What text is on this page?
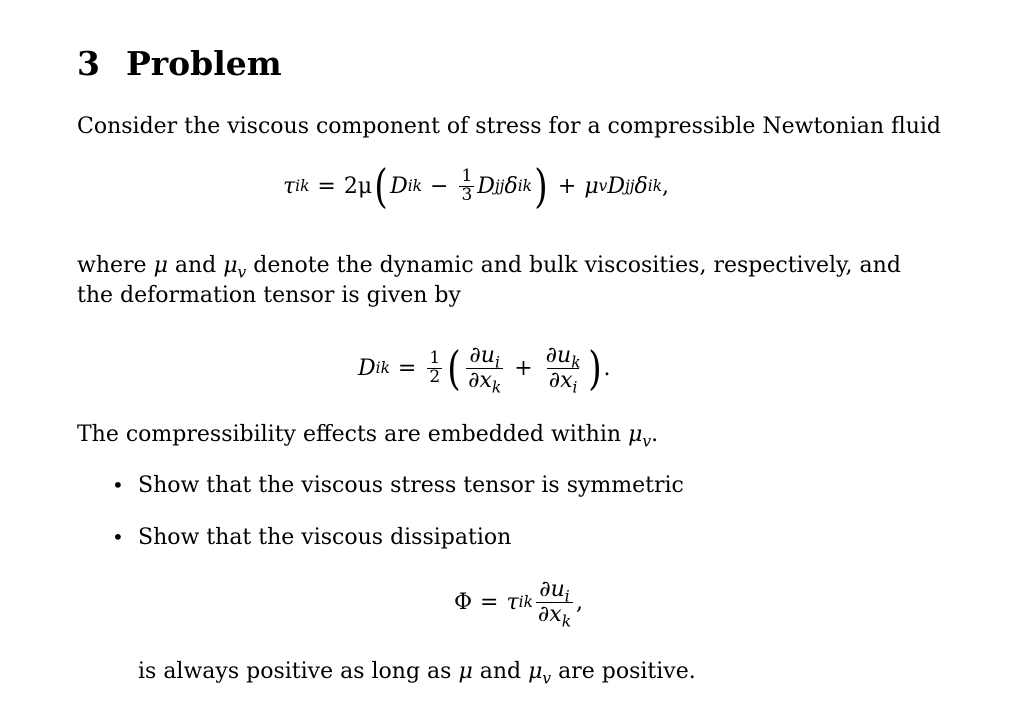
3 Problem
Consider the viscous component of stress for a compressible Newtonian fluid
τ ik = 2μ ( D ik − $\frac{1}{3}$ D jj δ ik ) + μ v D jj δ ik ,
where μ and $\mu_v$ denote the dynamic and bulk viscosities, respectively, and
the deformation tensor is given by
D ik = $\frac{1}{2}$ ( $\frac{\partial u_i}{\partial x_k} + \frac{\partial u_k}{\partial x_i}$ ) .
The compressibility effects are embedded within $\mu_v$.
• Show that the viscous stress tensor is symmetric
• Show that the viscous dissipation
Φ = τ ik $\frac{\partial u_i}{\partial x_k}$ ,
is always positive as long as μ and $\mu_v$ are positive.
